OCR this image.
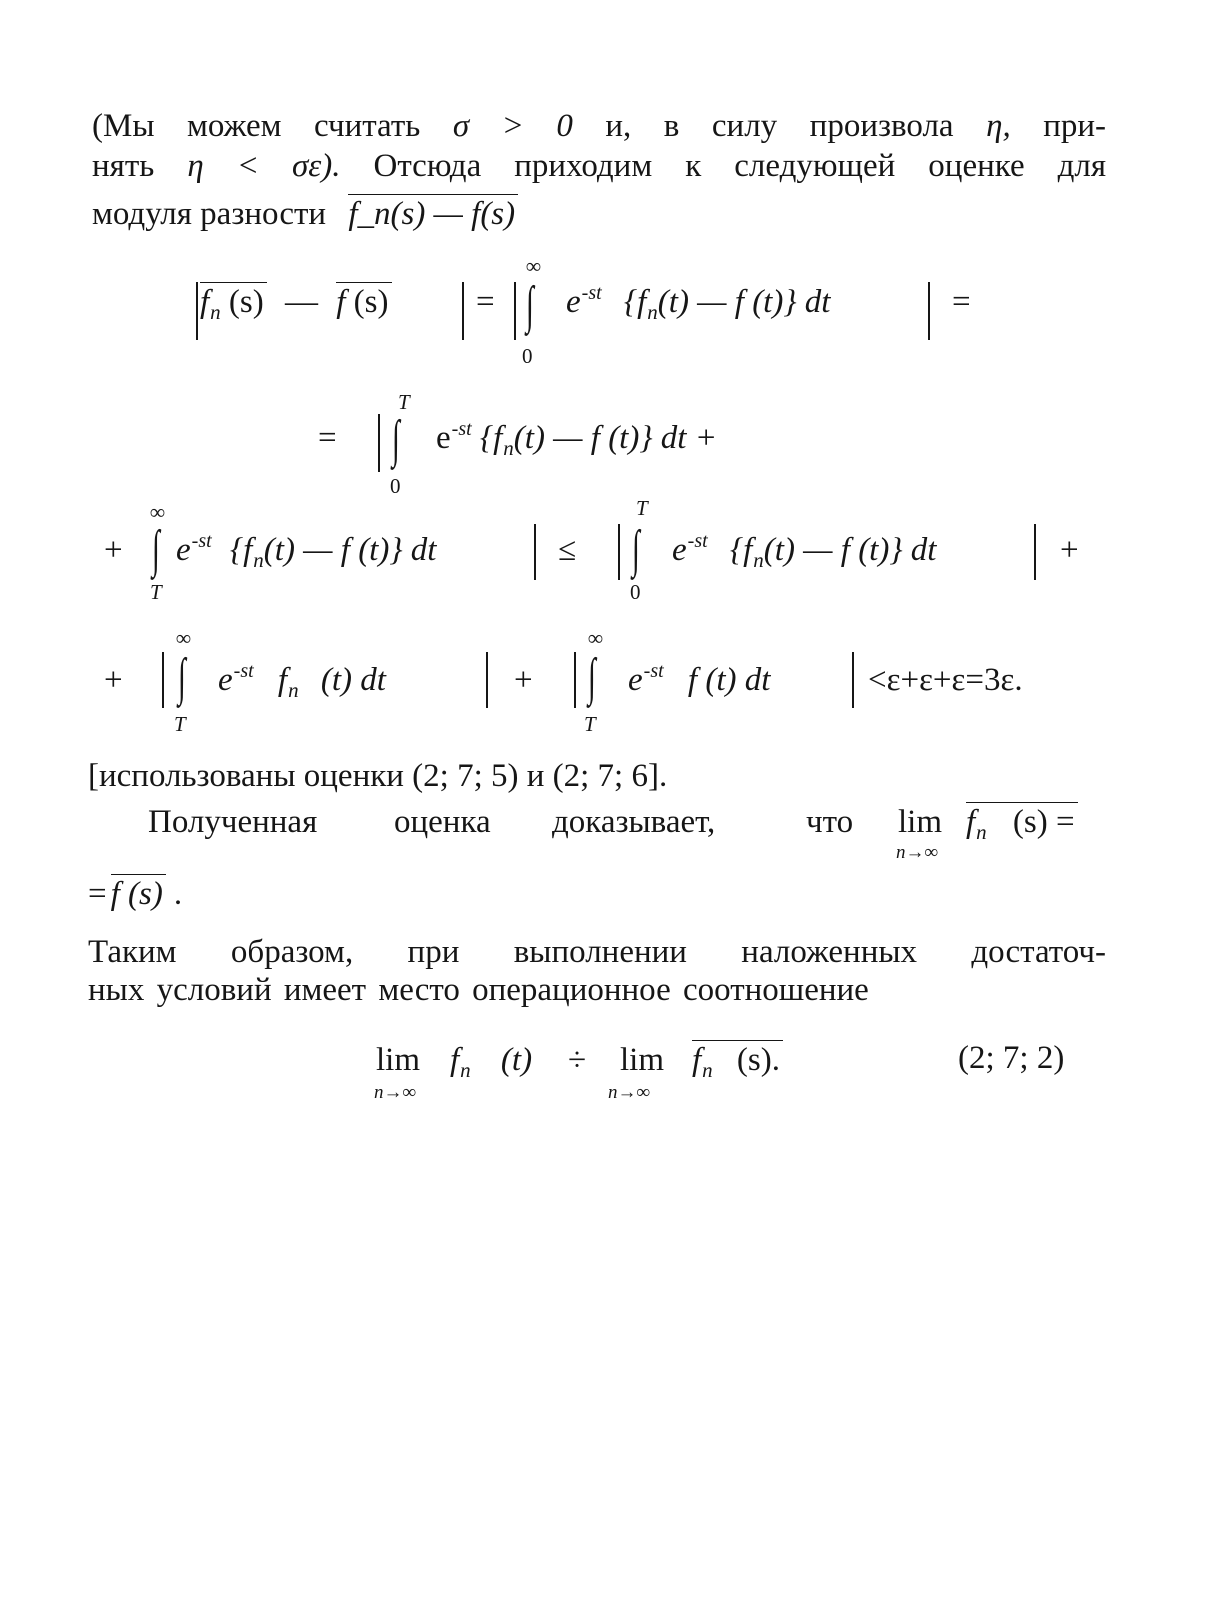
(Мы можем считать σ > 0 и, в силу произвола η, при-
нять η < σε). Отсюда приходим к следующей оценке для
модуля разности f_n(s) — f(s)
$f_n$ (s) — f (s)	=
∞
∫
0
$e^{-st}$ {$f_n(t)$ — f (t)} dt	=
=
T
∫
0
$e^{-st}$ {$f_n(t)$ — f (t)} dt +
+
∞
∫
T
$e^{-st}$ {$f_n(t)$ — f (t)} dt	≤
T
∫
0
$e^{-st}$ {$f_n(t)$ — f (t)} dt	+
+
∞
∫
T
$e^{-st}$ $f_n$ (t) dt	+
∞
∫
T
$e^{-st}$ f (t) dt	<ε+ε+ε=3ε.
[использованы оценки (2; 7; 5) и (2; 7; 6].
Полученная оценка доказывает,	что lim
n→∞
$f_n$ (s) =
= f (s) .
Таким образом, при выполнении наложенных достаточ-
ных условий имеет место операционное соотношение
lim
n→∞
$f_n$ (t) ÷ lim
n→∞
$f_n$ (s).	(2; 7; 2)
